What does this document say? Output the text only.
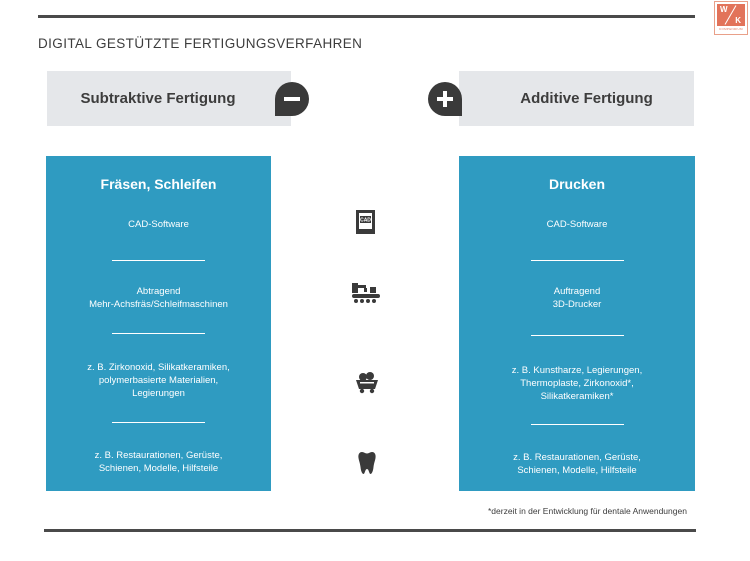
W
K
KOMPENDIUM
DIGITAL GESTÜTZTE FERTIGUNGSVERFAHREN
Subtraktive Fertigung	Additive Fertigung
Fräsen, Schleifen
CAD-Software
Abtragend
Mehr-Achsfräs/Schleifmaschinen
z. B. Zirkonoxid, Silikatkeramiken,
polymerbasierte Materialien,
Legierungen
z. B. Restaurationen, Gerüste,
Schienen, Modelle, Hilfsteile
Drucken
CAD-Software
Auftragend
3D-Drucker
z. B. Kunstharze, Legierungen,
Thermoplaste, Zirkonoxid*,
Silikatkeramiken*
z. B. Restaurationen, Gerüste,
Schienen, Modelle, Hilfsteile
CAD
*derzeit in der Entwicklung für dentale Anwendungen
